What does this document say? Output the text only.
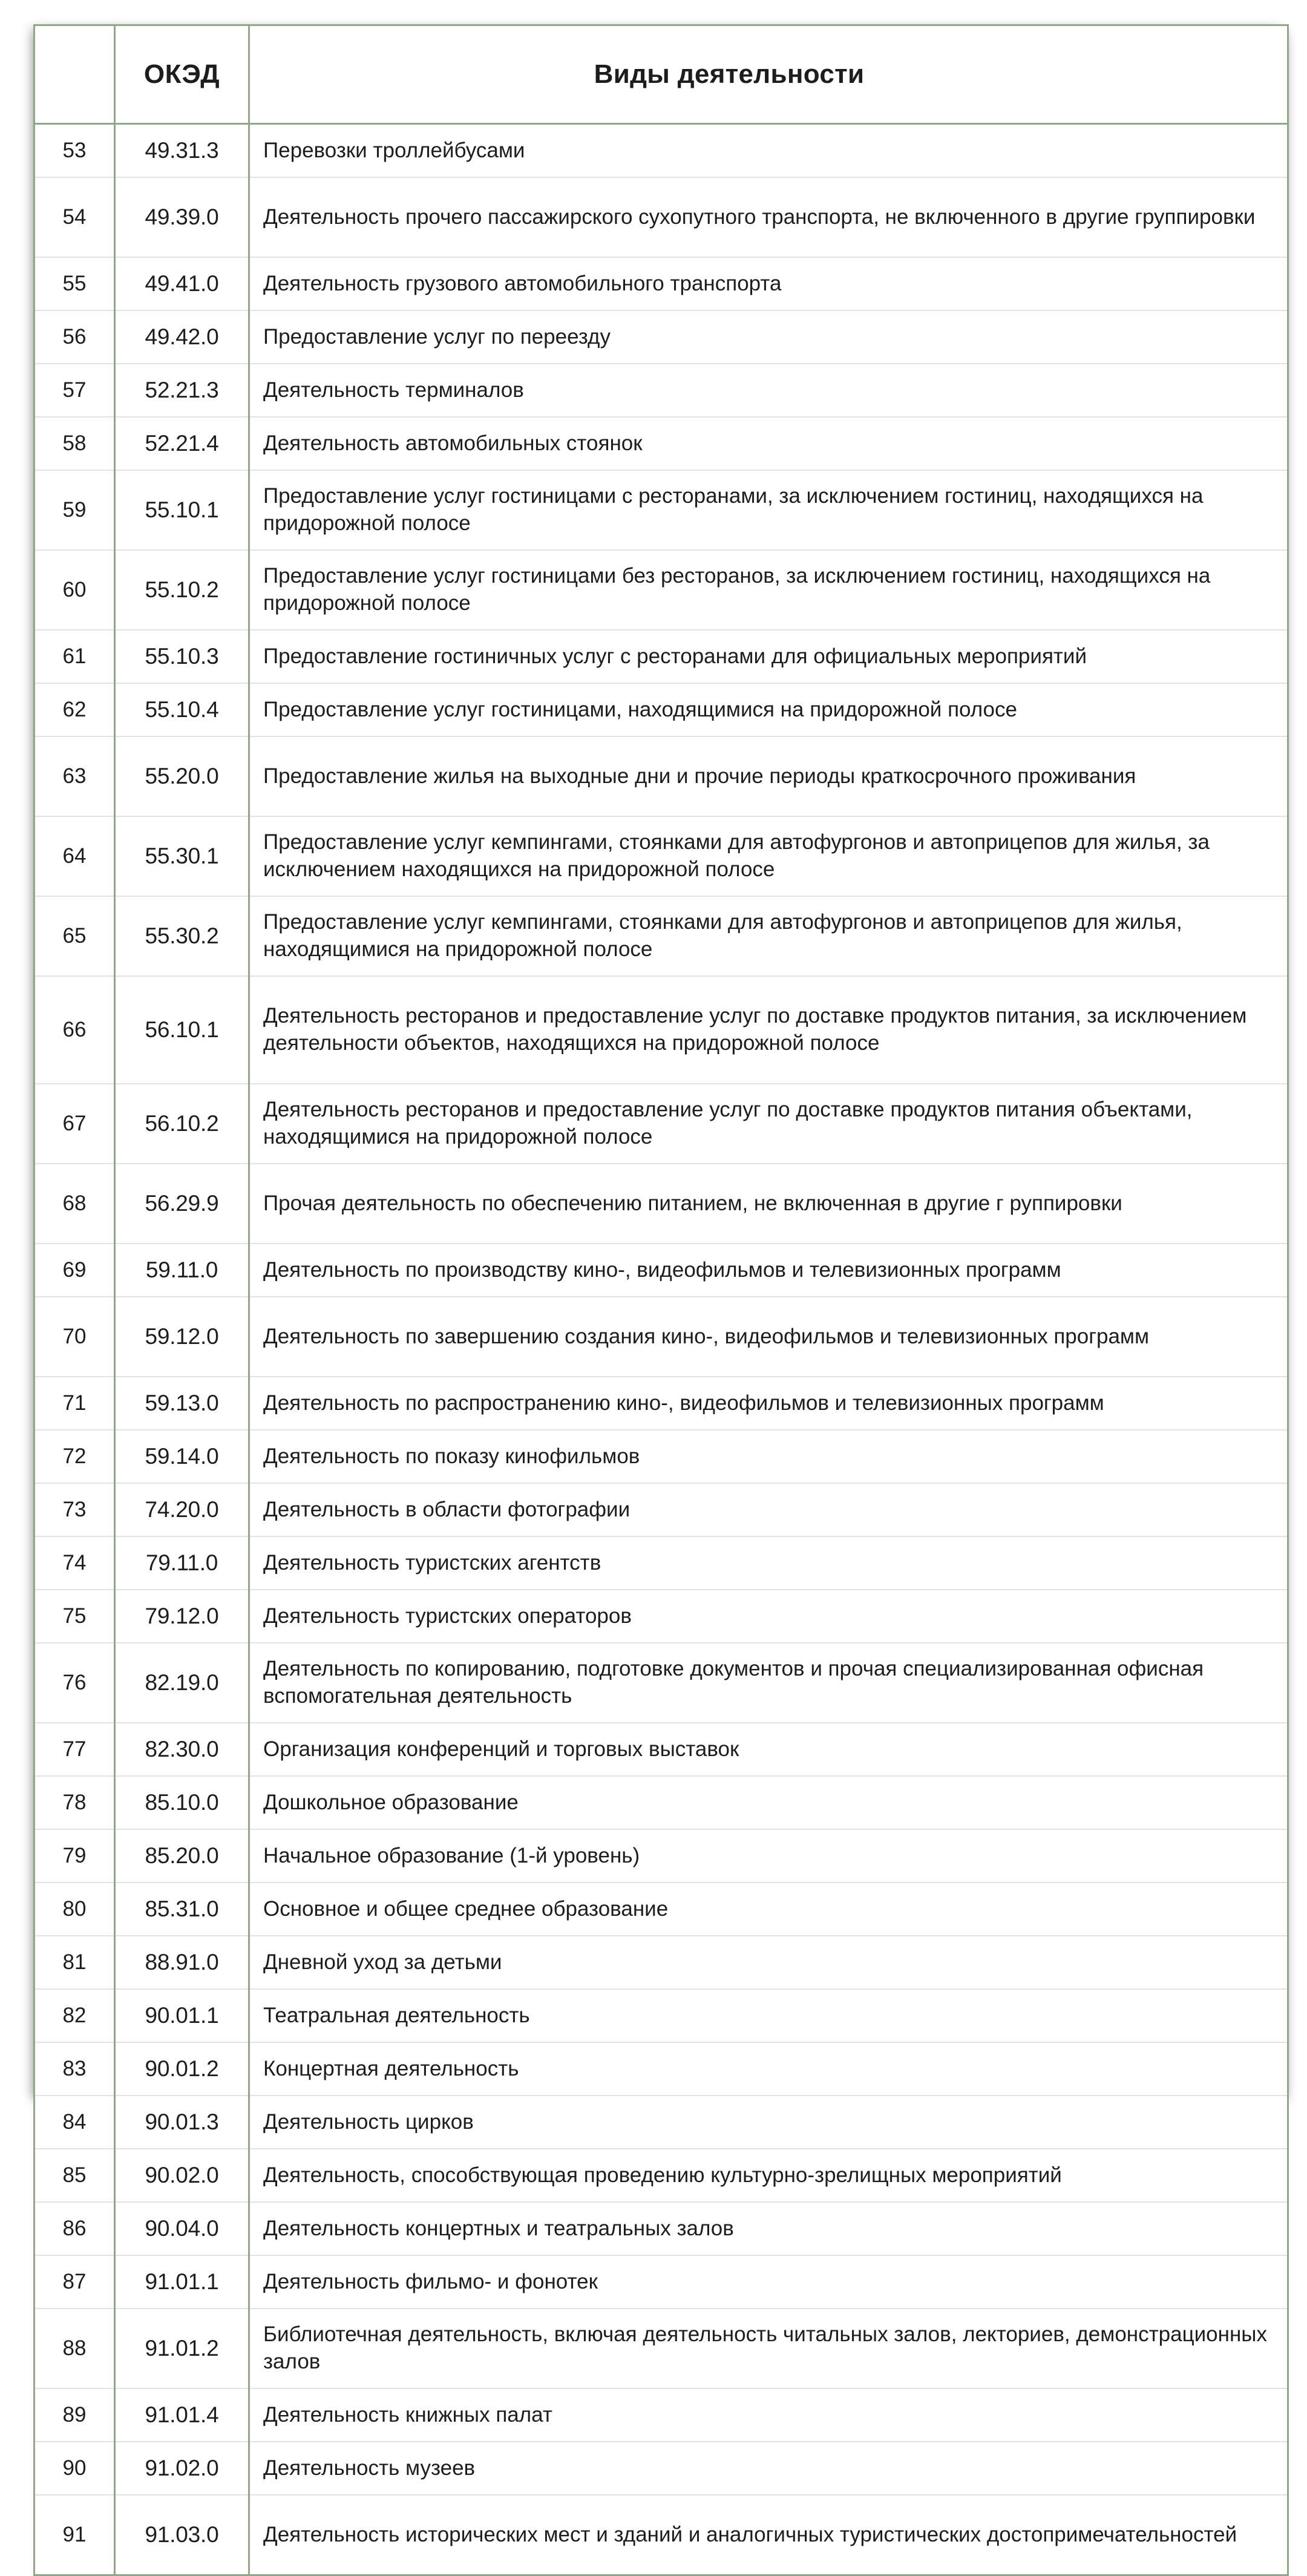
	ОКЭД	Виды деятельности
53	49.31.3	Перевозки троллейбусами

54	49.39.0	Деятельность прочего пассажирского сухопутного транспорта, не включенного в другие группировки

55	49.41.0	Деятельность грузового автомобильного транспорта

56	49.42.0	Предоставление услуг по переезду

57	52.21.3	Деятельность терминалов

58	52.21.4	Деятельность автомобильных стоянок

59	55.10.1	Предоставление услуг гостиницами с ресторанами, за исключением гостиниц, находящихся на придорожной полосе

60	55.10.2	Предоставление услуг гостиницами без ресторанов, за исключением гостиниц, находящихся на придорожной полосе

61	55.10.3	Предоставление гостиничных услуг с ресторанами для официальных мероприятий

62	55.10.4	Предоставление услуг гостиницами, находящимися на придорожной полосе

63	55.20.0	Предоставление жилья на выходные дни и прочие периоды краткосрочного проживания

64	55.30.1	Предоставление услуг кемпингами, стоянками для автофургонов и автоприцепов для жилья, за исключением находящихся на придорожной полосе

65	55.30.2	Предоставление услуг кемпингами, стоянками для автофургонов и автоприцепов для жилья, находящимися на придорожной полосе

66	56.10.1	Деятельность ресторанов и предоставление услуг по доставке продуктов питания, за исключением деятельности объектов, находящихся на придорожной полосе

67	56.10.2	Деятельность ресторанов и предоставление услуг по доставке продуктов питания объектами, находящимися на придорожной полосе

68	56.29.9	Прочая деятельность по обеспечению питанием, не включенная в другие г руппировки

69	59.11.0	Деятельность по производству кино-, видеофильмов и телевизионных программ

70	59.12.0	Деятельность по завершению создания кино-, видеофильмов и телевизионных программ

71	59.13.0	Деятельность по распространению кино-, видеофильмов и телевизионных программ

72	59.14.0	Деятельность по показу кинофильмов

73	74.20.0	Деятельность в области фотографии

74	79.11.0	Деятельность туристских агентств

75	79.12.0	Деятельность туристских операторов

76	82.19.0	Деятельность по копированию, подготовке документов и прочая специализированная офисная вспомогательная деятельность

77	82.30.0	Организация конференций и торговых выставок

78	85.10.0	Дошкольное образование

79	85.20.0	Начальное образование (1-й уровень)

80	85.31.0	Основное и общее среднее образование

81	88.91.0	Дневной уход за детьми

82	90.01.1	Театральная деятельность

83	90.01.2	Концертная деятельность

84	90.01.3	Деятельность цирков

85	90.02.0	Деятельность, способствующая проведению культурно-зрелищных мероприятий

86	90.04.0	Деятельность концертных и театральных залов

87	91.01.1	Деятельность фильмо- и фонотек

88	91.01.2	Библиотечная деятельность, включая деятельность читальных залов, лекториев, демонстрационных залов

89	91.01.4	Деятельность книжных палат

90	91.02.0	Деятельность музеев

91	91.03.0	Деятельность исторических мест и зданий и аналогичных туристических достопримечательностей
